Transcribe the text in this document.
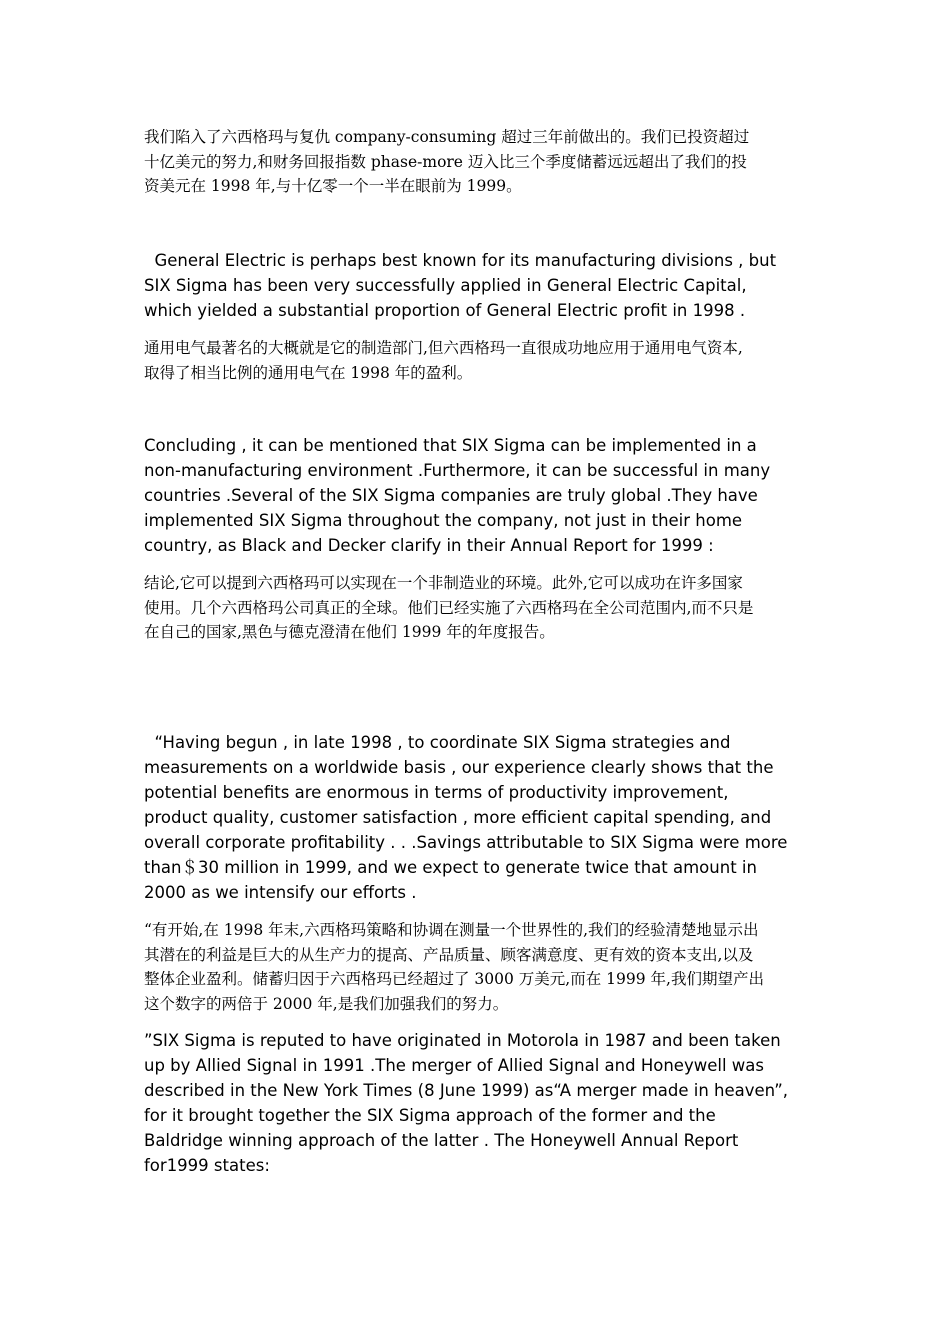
我们陷入了六西格玛与复仇 company-consuming 超过三年前做出的。我们已投资超过
十亿美元的努力,和财务回报指数 phase-more 迈入比三个季度储蓄远远超出了我们的投
资美元在 1998 年,与十亿零一个一半在眼前为 1999。
General Electric is perhaps best known for its manufacturing divisions , but
SIX Sigma has been very successfully applied in General Electric Capital,
which yielded a substantial proportion of General Electric profit in 1998 .
通用电气最著名的大概就是它的制造部门,但六西格玛一直很成功地应用于通用电气资本,
取得了相当比例的通用电气在 1998 年的盈利。
Concluding , it can be mentioned that SIX Sigma can be implemented in a
non-manufacturing environment .Furthermore, it can be successful in many
countries .Several of the SIX Sigma companies are truly global .They have
implemented SIX Sigma throughout the company, not just in their home
country, as Black and Decker clarify in their Annual Report for 1999 :
结论,它可以提到六西格玛可以实现在一个非制造业的环境。此外,它可以成功在许多国家
使用。几个六西格玛公司真正的全球。他们已经实施了六西格玛在全公司范围内,而不只是
在自己的国家,黑色与德克澄清在他们 1999 年的年度报告。
“Having begun , in late 1998 , to coordinate SIX Sigma strategies and
measurements on a worldwide basis , our experience clearly shows that the
potential benefits are enormous in terms of productivity improvement,
product quality, customer satisfaction , more efficient capital spending, and
overall corporate profitability . . .Savings attributable to SIX Sigma were more
than＄30 million in 1999, and we expect to generate twice that amount in
2000 as we intensify our efforts .
“有开始,在 1998 年末,六西格玛策略和协调在测量一个世界性的,我们的经验清楚地显示出
其潜在的利益是巨大的从生产力的提高、产品质量、顾客满意度、更有效的资本支出,以及
整体企业盈利。储蓄归因于六西格玛已经超过了 3000 万美元,而在 1999 年,我们期望产出
这个数字的两倍于 2000 年,是我们加强我们的努力。
”SIX Sigma is reputed to have originated in Motorola in 1987 and been taken
up by Allied Signal in 1991 .The merger of Allied Signal and Honeywell was
described in the New York Times (8 June 1999) as“A merger made in heaven”,
for it brought together the SIX Sigma approach of the former and the
Baldridge winning approach of the latter . The Honeywell Annual Report
for1999 states:
